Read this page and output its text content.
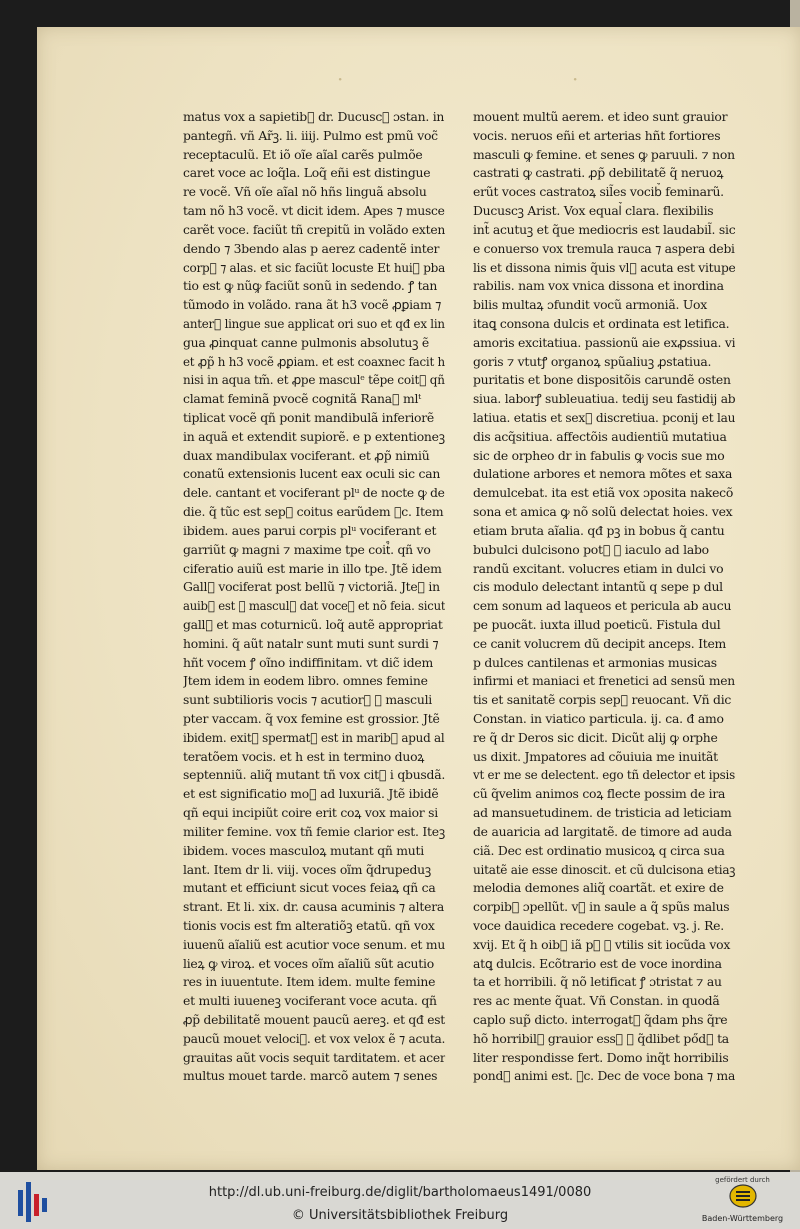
·	·
matus vox a sapietib᷒ dr. Ducuscꝫ ɔstan. in
pantegñ. vñ Ar̃ꝫ. li. iiij. Pulmo est pmũ voc̃
receptaculũ. Et iõ oĩe aĩal carẽs pulmõe
caret voce ac loq̃la. Loq̃ eñi est distingue
re vocẽ. Vñ oĩe aĩal nõ hñs linguã absolu
tam nõ h3 vocẽ. vt dicit idem. Apes ⁊ musce
carẽt voce. faciũt tñ crepitũ in volãdo exten
dendo ⁊ 3bendo alas p aerez cadentẽ inter
corp᷒ ⁊ alas. et sic faciũt locuste Et hui᷒ pba
tio est ꝙ nũꝙ faciũt sonũ in sedendo. ꝭ tan
tũmodo in volãdo. rana ãt h3 vocẽ ꝓꝑiam ⁊
anter᷒ lingue sue applicat ori suo et qđ ex lin
gua ꝓinquat canne pulmonis absolutuꝫ ẽ
et ꝓp̃ h h3 vocẽ ꝓꝑiam. et est coaxnec facit h
nisi in aqua tm̃. et ꝓpe masculᵉ tẽpe coit᷒ qñ
clamat feminã pvocẽ cognitã Rana᷒ mlᵗ
tiplicat vocẽ qñ ponit mandibulã inferiorẽ
in aquã et extendit supiorẽ. e p extentioneꝫ
duax mandibulax vociferant. et ꝓp̃ nimiũ
conatũ extensionis lucent eax oculi sic can
dele. cantant et vociferant plᵘ de nocte ꝙ de
die. q̃ tũc est sep᷒ coitus earũdem ꝛc. Item
ibidem. aues parui corpis plᵘ vociferant et
garriũt ꝙ magni ⁊ maxime tpe coit᷒. qñ vo
ciferatio auiũ est marie in illo tpe. Jtẽ idem
Gall᷒ vociferat post bellũ ⁊ victoriã. Jteꝫ in
auib᷒ est ꝙ mascul᷒ dat voceꝫ et nõ feia. sicut
gall᷒ et mas coturnicũ. loq̃ autẽ appropriat
homini. q̃ aũt natalr sunt muti sunt surdi ⁊
hñt vocem ꝭ oĩno indiffinitam. vt dic̃ idem
Jtem idem in eodem libro. omnes femine
sunt subtilioris vocis ⁊ acutior᷒ ꝙ masculi
pter vaccam. q̃ vox femine est grossior. Jtẽ
ibidem. exit᷒ spermat᷒ est in marib᷒ apud al
teratõem vocis. et h est in termino duoꝝ
septenniũ. aliq̃ mutant tñ vox cit᷒ i qbusdã.
et est significatio mo᷒ ad luxuriã. Jtẽ ibidẽ
qñ equi incipiũt coire erit coꝝ vox maior si
militer femine. vox tñ femie clarior est. Iteꝫ
ibidem. voces masculoꝝ mutant qñ muti
lant. Item dr li. viij. voces oĩm q̃drupeduꝫ
mutant et efficiunt sicut voces feiaꝝ qñ ca
strant. Et li. xix. dr. causa acuminis ⁊ altera
tionis vocis est fm alteratiõꝫ etatũ. qñ vox
iuuenũ aĩaliũ est acutior voce senum. et mu
lieꝝ ꝙ viroꝝ. et voces oĩm aĩaliũ sũt acutio
res in iuuentute. Item idem. multe femine
et multi iuueneꝫ vociferant voce acuta. qñ
ꝓp̃ debilitatẽ mouent paucũ aereꝫ. et qđ est
paucũ mouet veloci᷒. et vox velox ẽ ⁊ acuta.
grauitas aũt vocis sequit tarditatem. et acer
multus mouet tarde. marcõ autem ⁊ senes
mouent multũ aerem. et ideo sunt grauior
vocis. neruos eñi et arterias hñt fortiores
masculi ꝙ femine. et senes ꝙ paruuli. ⁊ non
castrati ꝙ castrati. ꝓp̃ debilitatẽ q̃ neruoꝝ
erũt voces castratoꝝ sil̃es vocib᷒ feminarũ.
Ducuscꝫ Arist. Vox equal᷒ clara. flexibilis
int̃ acutuꝫ et q̃ue mediocris est laudabil̃. sic
e conuerso vox tremula rauca ⁊ aspera debi
lis et dissona nimis q̃uis vl᷒ acuta est vitupe
rabilis. nam vox vnica dissona et inordina
bilis multaꝝ ɔfundit vocũ armoniã. Uox
itaꝗ consona dulcis et ordinata est letifica.
amoris excitatiua. passionũ aie exꝓssiua. vi
goris ⁊ vtutꝭ organoꝝ spũaliuꝫ ꝓstatiua.
puritatis et bone dispositõis carundẽ osten
siua. laborꝭ subleuatiua. tedij seu fastidij ab
latiua. etatis et sex᷒ discretiua. pconij et lau
dis acq̃sitiua. affectõis audientiũ mutatiua
sic de orpheo dr in fabulis ꝙ vocis sue mo
dulatione arbores et nemora mõtes et saxa
demulcebat. ita est etiã vox ɔposita nakecõ
sona et amica ꝙ nõ solũ delectat hoies. vex
etiam bruta aĩalia. qđ pꝫ in bobus q̃ cantu
bubulci dulcisono pot᷒ ꝙ iaculo ad labo
randũ excitant. volucres etiam in dulci vo
cis modulo delectant intantũ q sepe p dul
cem sonum ad laqueos et pericula ab aucu
pe puocãt. iuxta illud poeticũ. Fistula dul
ce canit volucrem dũ decipit anceps. Item
p dulces cantilenas et armonias musicas
infirmi et maniaci et frenetici ad sensũ men
tis et sanitatẽ corpis sep᷒ reuocant. Vñ dic
Constan. in viatico particula. ij. ca. đ amo
re q̃ dr Deros sic dicit. Dicũt alij ꝙ orphe
us dixit. Jmpatores ad cõuiuia me inuitãt
vt er me se delectent. ego tñ delector et ipsis
cũ q̃velim animos coꝝ flecte possim de ira
ad mansuetudinem. de tristicia ad leticiam
de auaricia ad largitatẽ. de timore ad auda
ciã. Dec est ordinatio musicoꝝ q circa sua
uitatẽ aie esse dinoscit. et cũ dulcisona etiaꝫ
melodia demones aliq̃ coartãt. et exire de
corpib᷒ ɔpellũt. vꝫ in saule a q̃ spũs malus
voce dauidica recedere cogebat. vꝫ. j. Re.
xvij. Et q̃ h oib᷒ iã pꝫ ꝙ vtilis sit iocũda vox
atꝗ dulcis. Ecõtrario est de voce inordina
ta et horribili. q̃ nõ letificat ꝭ ɔtristat ⁊ au
res ac mente q̃uat. Vñ Constan. in quodã
caplo sup̃ dicto. interrogat᷒ q̃dam phs q̃re
hõ horribil᷒ grauior essꝫ ꝙ q̃dlibet pőd᷒ ta
liter respondisse fert. Domo inq̃t horribilis
pond᷒ animi est. ꝛc. Dec de voce bona ⁊ ma
http://dl.ub.uni-freiburg.de/diglit/bartholomaeus1491/0080
© Universitätsbibliothek Freiburg
gefördert durch
Baden-Württemberg
